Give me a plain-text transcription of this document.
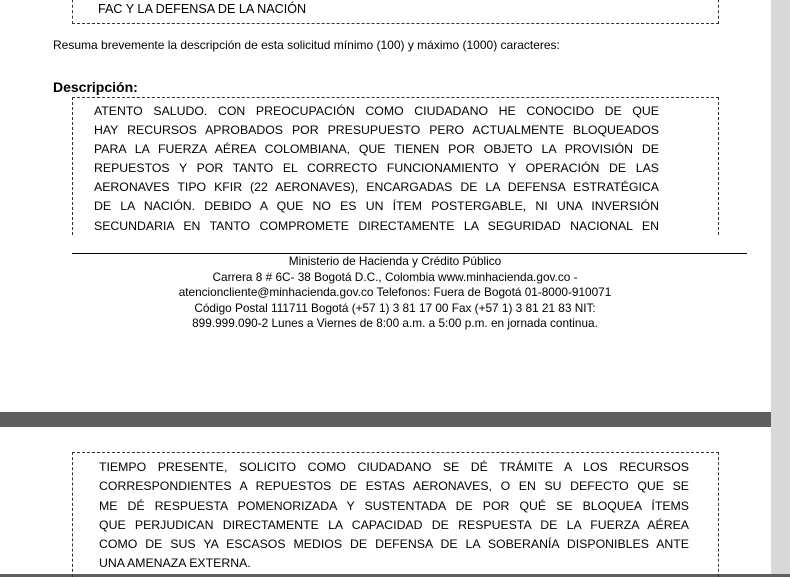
FAC Y LA DEFENSA DE LA NACIÓN
Resuma brevemente la descripción de esta solicitud mínimo (100) y máximo (1000) caracteres:
Descripción:
ATENTO SALUDO. CON PREOCUPACIÓN COMO CIUDADANO HE CONOCIDO DE QUE
HAY RECURSOS APROBADOS POR PRESUPUESTO PERO ACTUALMENTE BLOQUEADOS
PARA LA FUERZA AÉREA COLOMBIANA, QUE TIENEN POR OBJETO LA PROVISIÓN DE
REPUESTOS Y POR TANTO EL CORRECTO FUNCIONAMIENTO Y OPERACIÓN DE LAS
AERONAVES TIPO KFIR (22 AERONAVES), ENCARGADAS DE LA DEFENSA ESTRATÉGICA
DE LA NACIÓN. DEBIDO A QUE NO ES UN ÍTEM POSTERGABLE, NI UNA INVERSIÓN
SECUNDARIA EN TANTO COMPROMETE DIRECTAMENTE LA SEGURIDAD NACIONAL EN
Ministerio de Hacienda y Crédito Público
Carrera 8 # 6C- 38 Bogotá D.C., Colombia www.minhacienda.gov.co -
atencioncliente@minhacienda.gov.co Telefonos: Fuera de Bogotá 01-8000-910071
Código Postal 111711 Bogotá (+57 1) 3 81 17 00 Fax (+57 1) 3 81 21 83 NIT:
899.999.090-2 Lunes a Viernes de 8:00 a.m. a 5:00 p.m. en jornada continua.
TIEMPO PRESENTE, SOLICITO COMO CIUDADANO SE DÉ TRÁMITE A LOS RECURSOS
CORRESPONDIENTES A REPUESTOS DE ESTAS AERONAVES, O EN SU DEFECTO QUE SE
ME DÉ RESPUESTA POMENORIZADA Y SUSTENTADA DE POR QUÉ SE BLOQUEA ÍTEMS
QUE PERJUDICAN DIRECTAMENTE LA CAPACIDAD DE RESPUESTA DE LA FUERZA AÉREA
COMO DE SUS YA ESCASOS MEDIOS DE DEFENSA DE LA SOBERANÍA DISPONIBLES ANTE
UNA AMENAZA EXTERNA.
